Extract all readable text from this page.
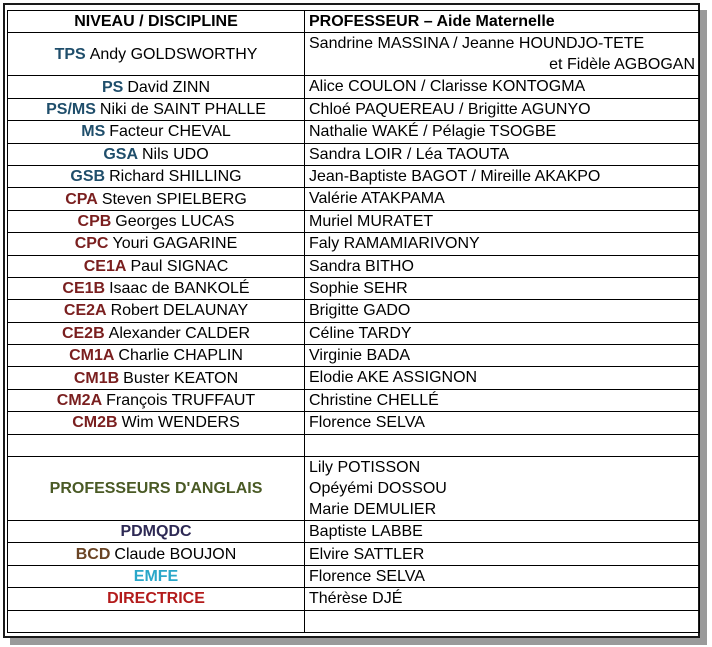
NIVEAU / DISCIPLINE	PROFESSEUR – Aide Maternelle
TPS Andy GOLDSWORTHY	Sandrine MASSINA / Jeanne HOUNDJO-TETE
et Fidèle AGBOGAN

PS David ZINN	Alice COULON / Clarisse KONTOGMA

PS/MS Niki de SAINT PHALLE	Chloé PAQUEREAU / Brigitte AGUNYO

MS Facteur CHEVAL	Nathalie WAKÉ / Pélagie TSOGBE

GSA Nils UDO	Sandra LOIR / Léa TAOUTA

GSB Richard SHILLING	Jean-Baptiste BAGOT / Mireille AKAKPO

CPA Steven SPIELBERG	Valérie ATAKPAMA

CPB Georges LUCAS	Muriel MURATET

CPC Youri GAGARINE	Faly RAMAMIARIVONY

CE1A Paul SIGNAC	Sandra BITHO

CE1B Isaac de BANKOLÉ	Sophie SEHR

CE2A Robert DELAUNAY	Brigitte GADO

CE2B Alexander CALDER	Céline TARDY

CM1A Charlie CHAPLIN	Virginie BADA

CM1B Buster KEATON	Elodie AKE ASSIGNON

CM2A François TRUFFAUT	Christine CHELLÉ

CM2B Wim WENDERS	Florence SELVA

PROFESSEURS D'ANGLAIS	Lily POTISSON
Opéyémi DOSSOU
Marie DEMULIER

PDMQDC	Baptiste LABBE
BCD Claude BOUJON	Elvire SATTLER
EMFE	Florence SELVA
DIRECTRICE	Thérèse DJÉ
